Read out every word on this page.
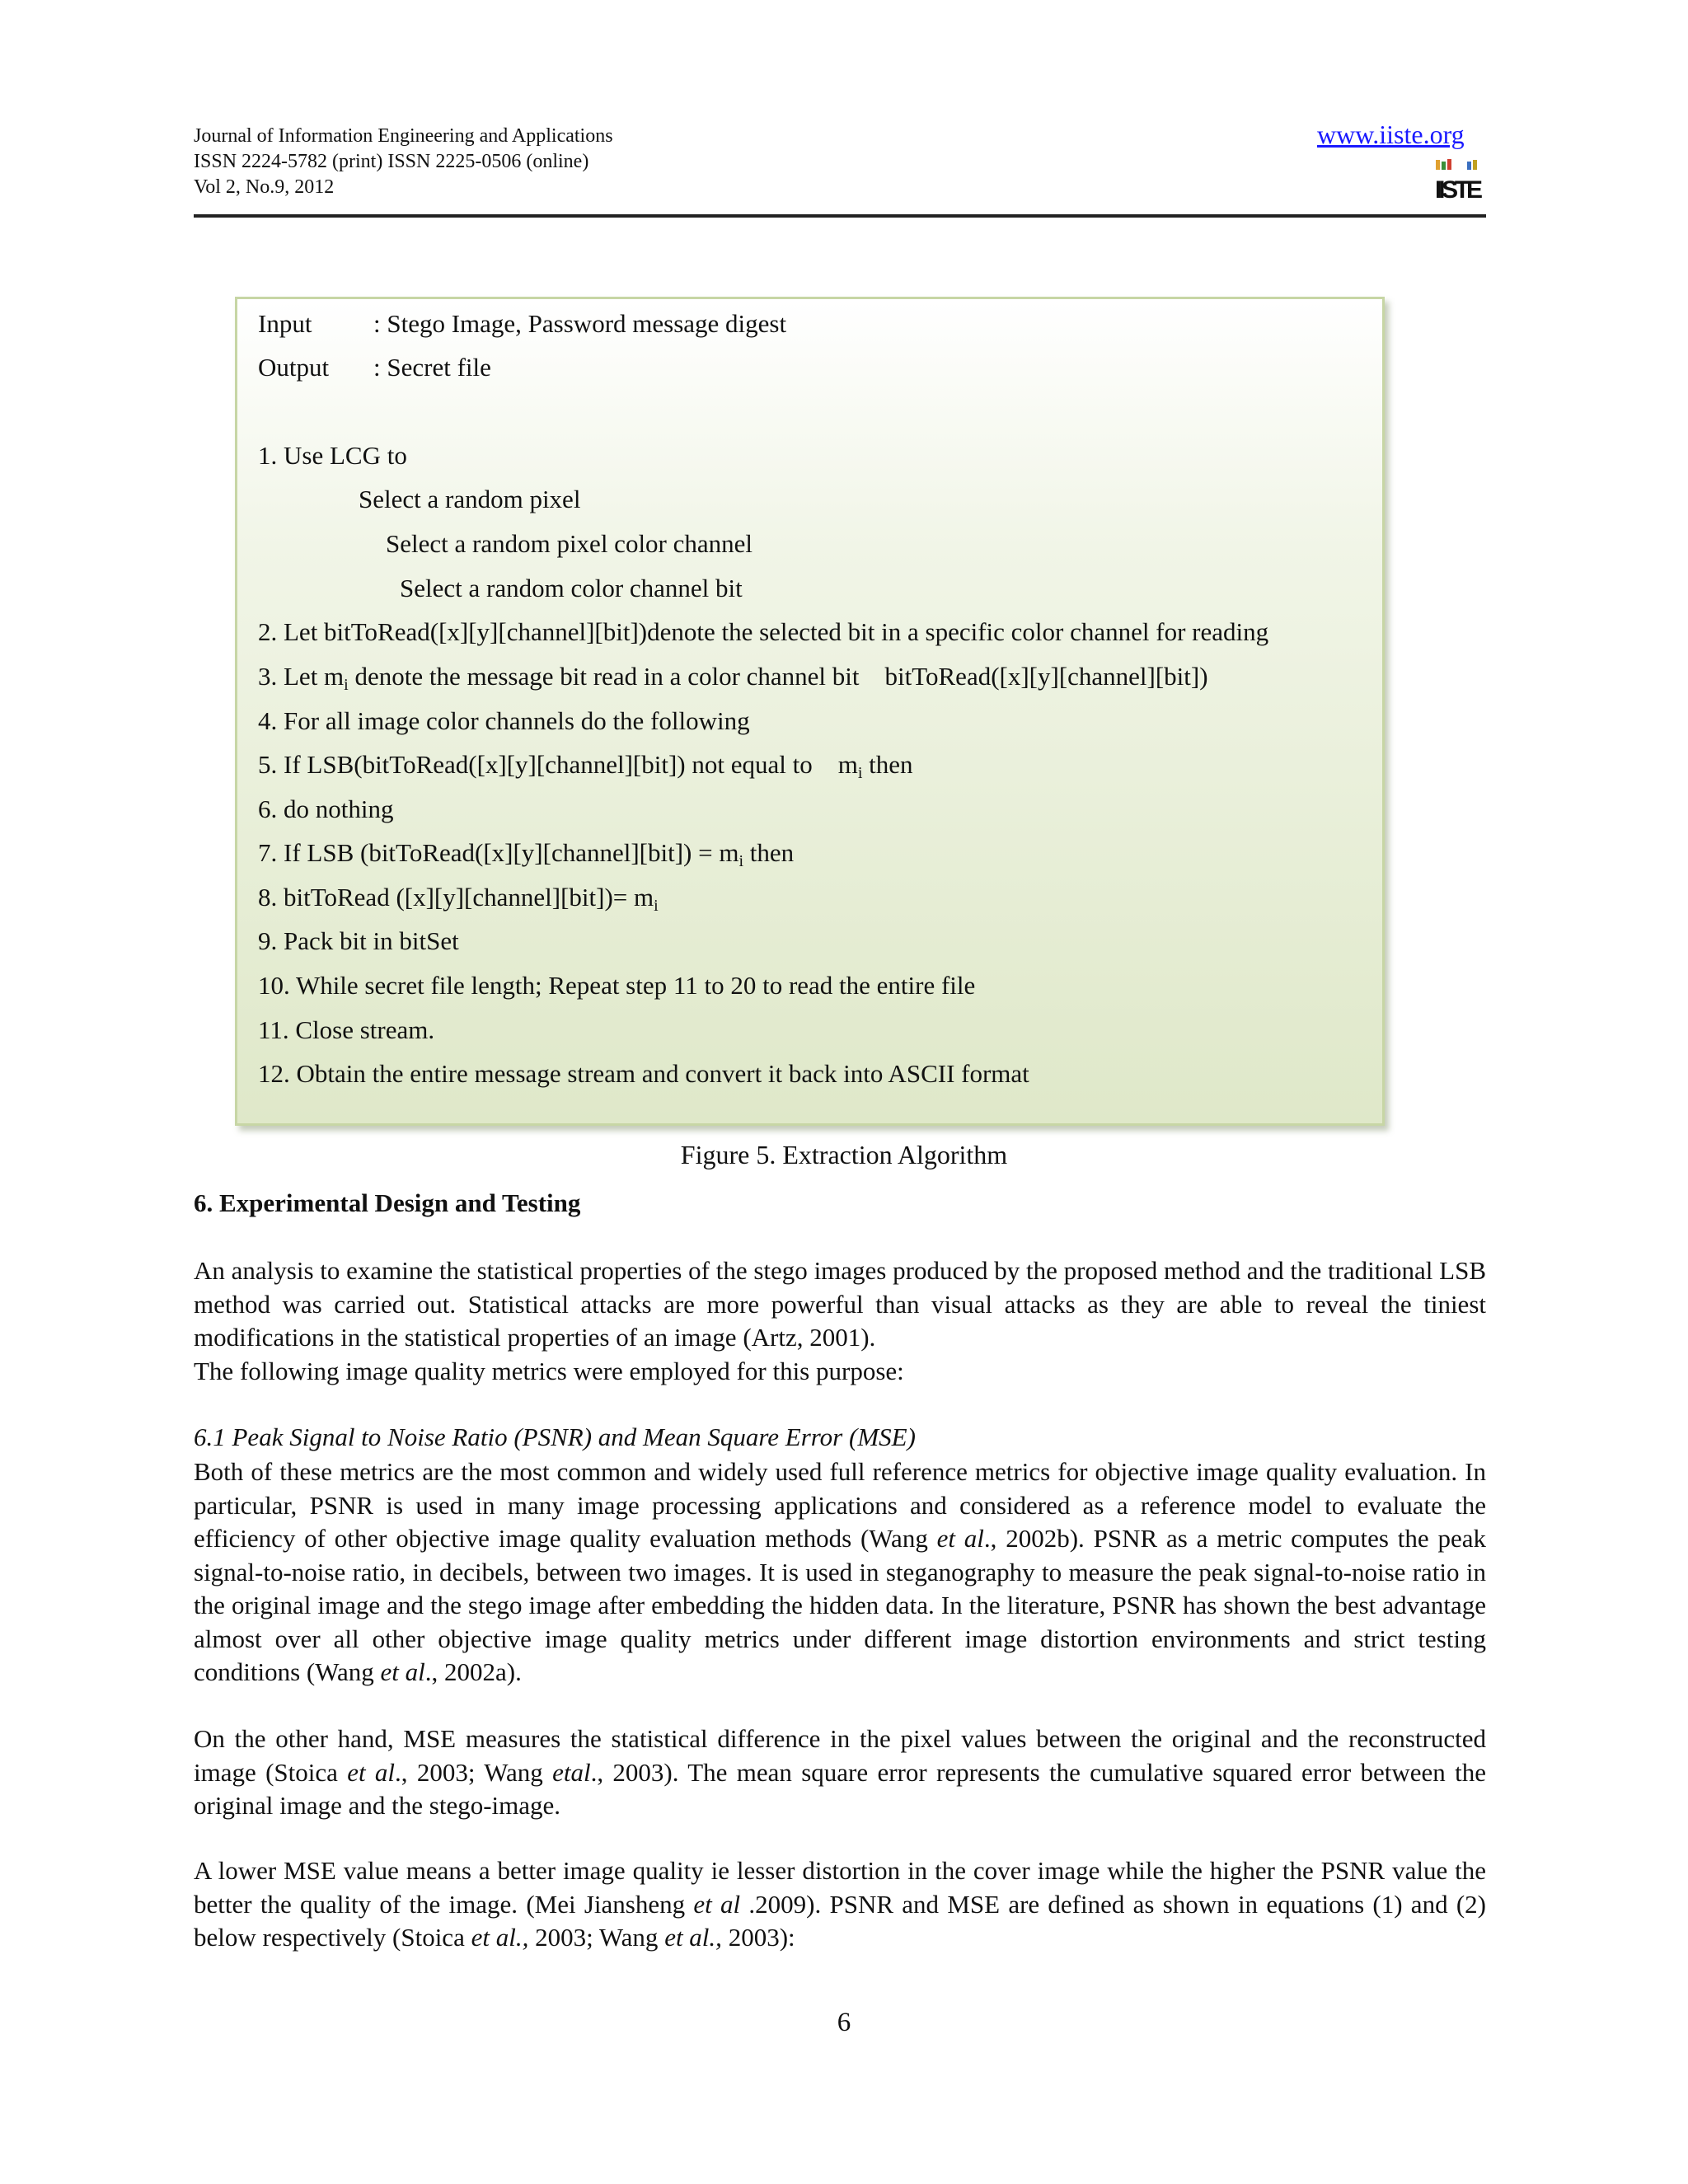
Journal of Information Engineering and Applications
ISSN 2224-5782 (print) ISSN 2225-0506 (online)
Vol 2, No.9, 2012
www.iiste.org
IISTE
Input : Stego Image, Password message digest
Output : Secret file
1. Use LCG to
Select a random pixel
Select a random pixel color channel
Select a random color channel bit
2. Let bitToRead([x][y][channel][bit])denote the selected bit in a specific color channel for reading
3. Let $m_i$ denote the message bit read in a color channel bit    bitToRead([x][y][channel][bit])
4. For all image color channels do the following
5. If LSB(bitToRead([x][y][channel][bit]) not equal to    $m_i$ then
6. do nothing
7. If LSB (bitToRead([x][y][channel][bit]) = $m_i$ then
8. bitToRead ([x][y][channel][bit])= $m_i$
9. Pack bit in bitSet
10. While secret file length; Repeat step 11 to 20 to read the entire file
11. Close stream.
12. Obtain the entire message stream and convert it back into ASCII format
Figure 5. Extraction Algorithm
6. Experimental Design and Testing
An analysis to examine the statistical properties of the stego images produced by the proposed method and the traditional LSB method was carried out. Statistical attacks are more powerful than visual attacks as they are able to reveal the tiniest modifications in the statistical properties of an image (Artz, 2001).
The following image quality metrics were employed for this purpose:
6.1 Peak Signal to Noise Ratio (PSNR) and Mean Square Error (MSE)
Both of these metrics are the most common and widely used full reference metrics for objective image quality evaluation. In particular, PSNR is used in many image processing applications and considered as a reference model to evaluate the efficiency of other objective image quality evaluation methods (Wang et al., 2002b). PSNR as a metric computes the peak signal-to-noise ratio, in decibels, between two images. It is used in steganography to measure the peak signal-to-noise ratio in the original image and the stego image after embedding the hidden data. In the literature, PSNR has shown the best advantage almost over all other objective image quality metrics under different image distortion environments and strict testing conditions (Wang et al., 2002a).
On the other hand, MSE measures the statistical difference in the pixel values between the original and the reconstructed image (Stoica et al., 2003; Wang etal., 2003). The mean square error represents the cumulative squared error between the original image and the stego-image.
A lower MSE value means a better image quality ie lesser distortion in the cover image while the higher the PSNR value the better the quality of the image. (Mei Jiansheng et al .2009). PSNR and MSE are defined as shown in equations (1) and (2) below respectively (Stoica et al., 2003; Wang et al., 2003):
6
